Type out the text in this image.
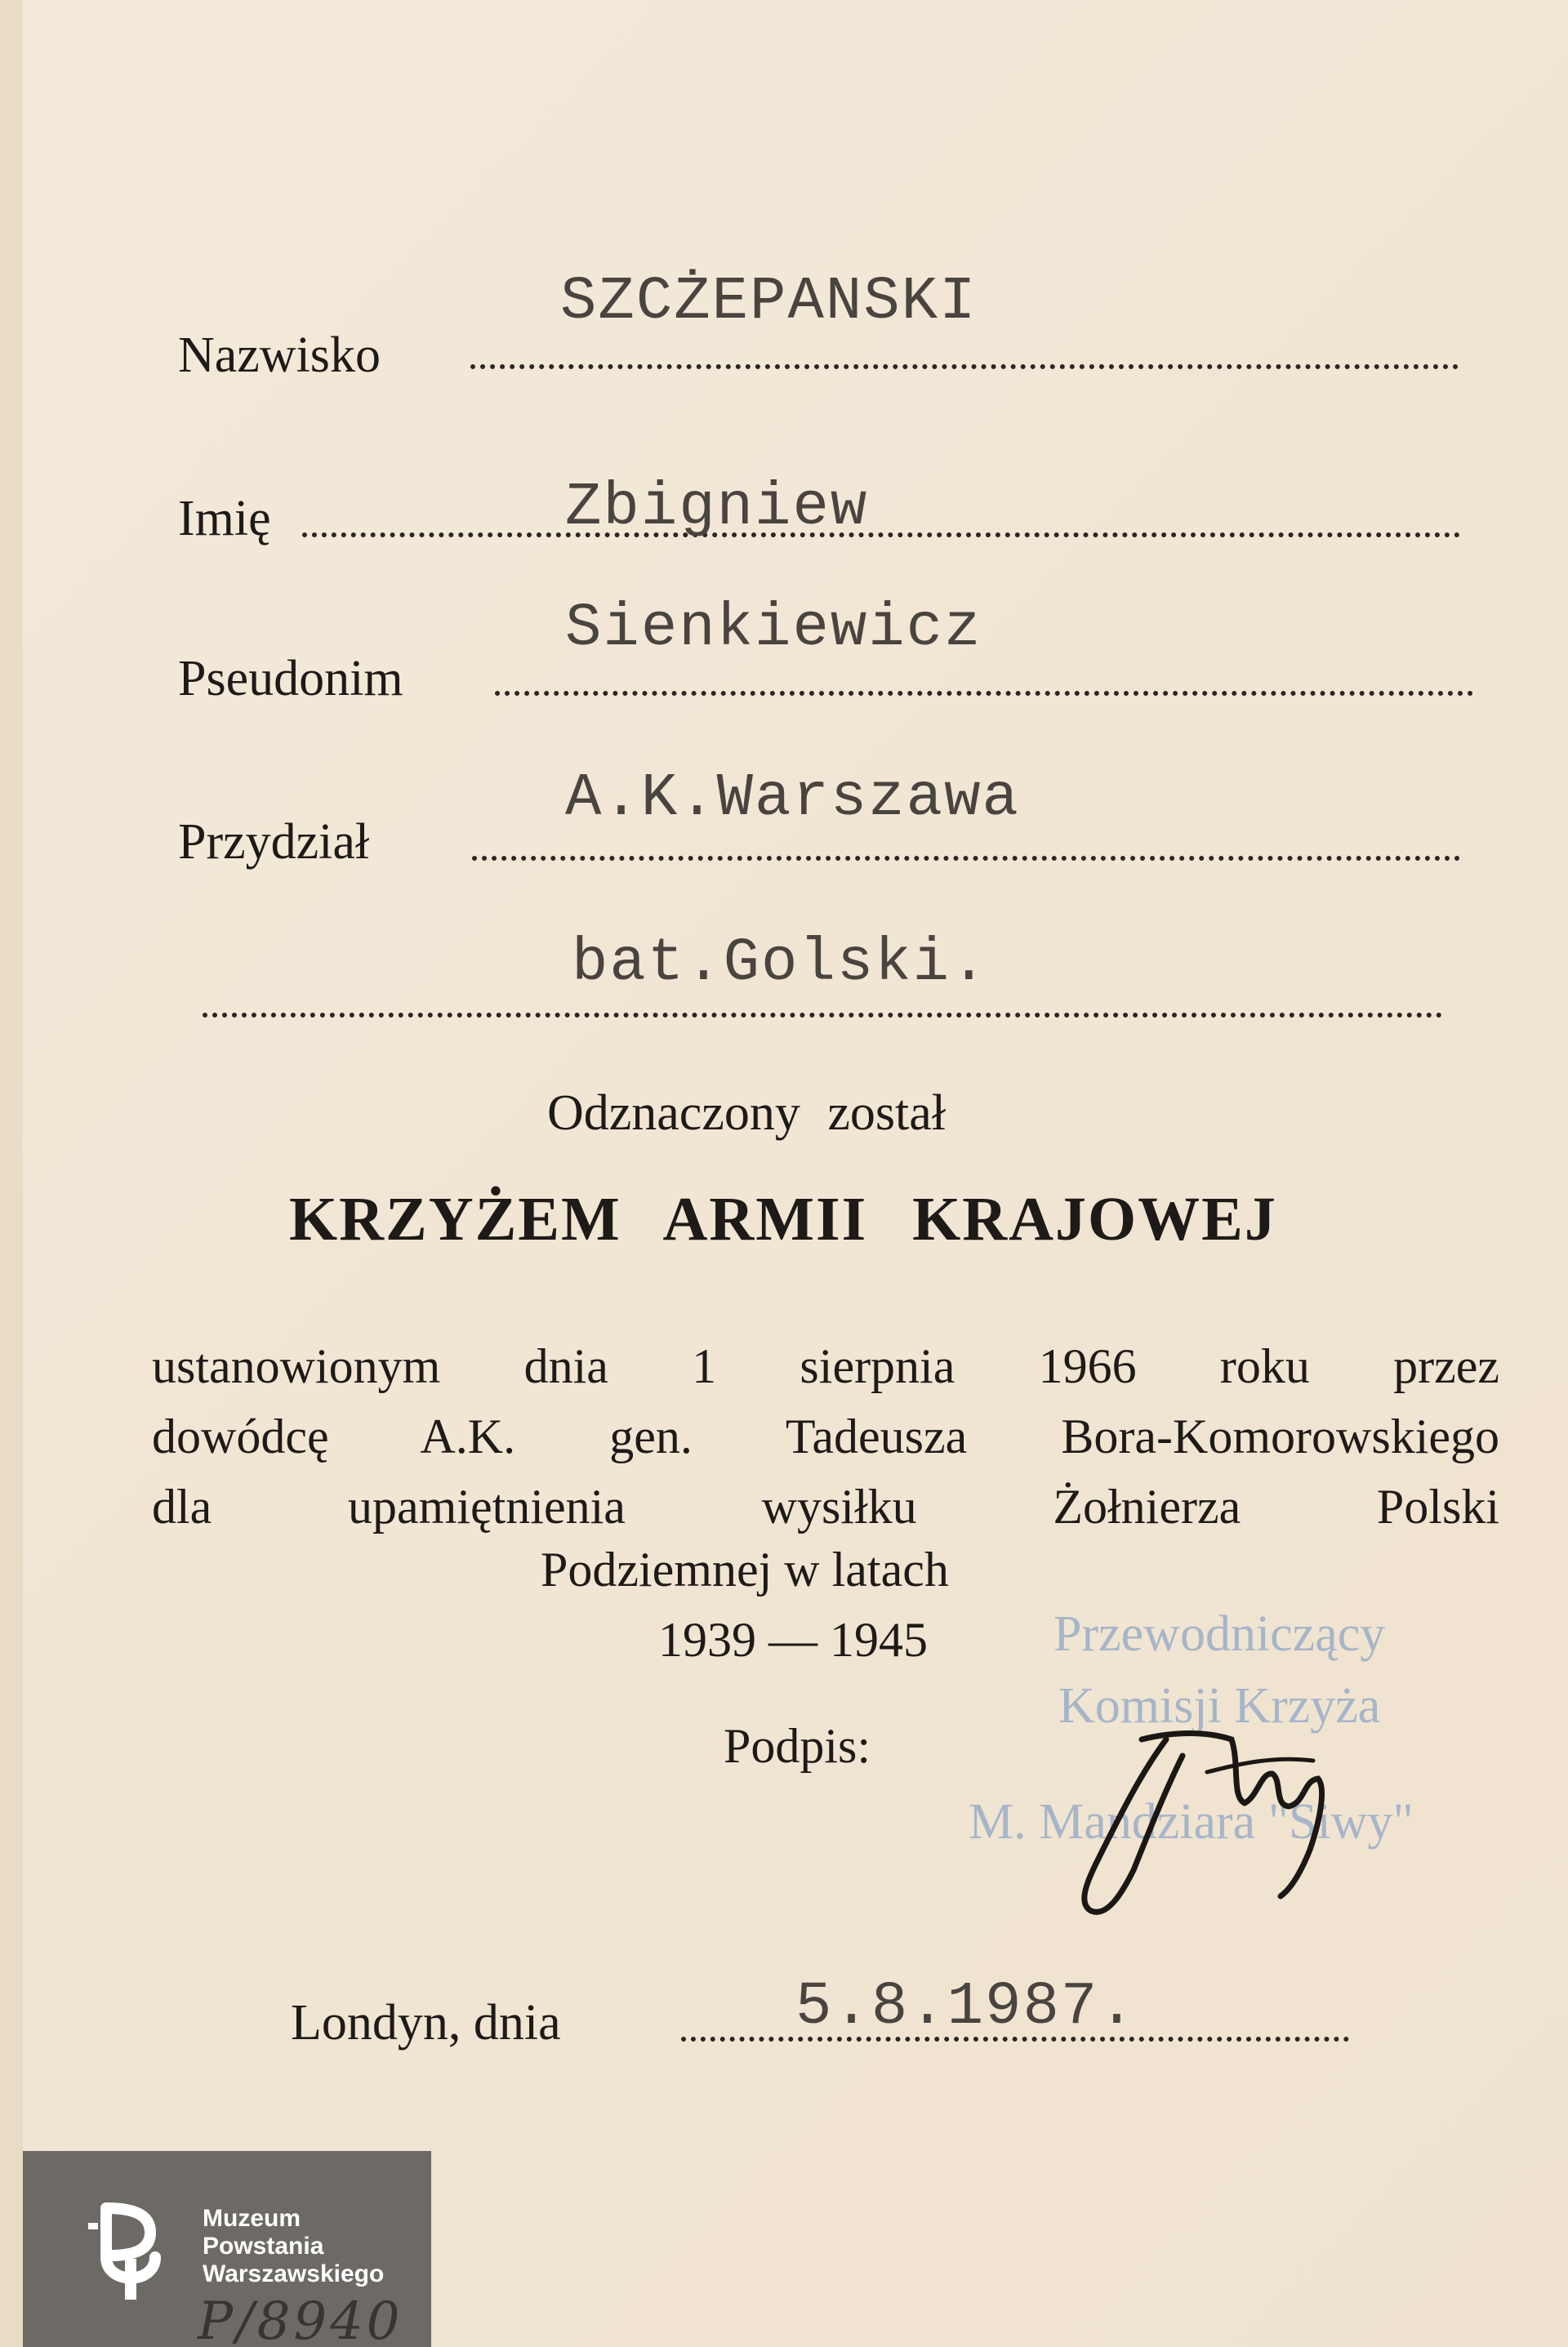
SZCŻEPANSKI
Nazwisko
Imię	Zbigniew
Sienkiewicz
Pseudonim
A.K.Warszawa
Przydział
bat.Golski.
Odznaczony został
KRZYŻEM ARMII KRAJOWEJ
ustanowionym dnia 1 sierpnia 1966 roku przez
dowódcę A.K. gen. Tadeusza Bora-Komorowskiego
dla upamiętnienia wysiłku Żołnierza Polski
Podziemnej w latach
1939 — 1945 Przewodniczący
Komisji Krzyża
M. Mandziara "Siwy"
Podpis:
Londyn, dnia	5.8.1987.
Muzeum
Powstania
Warszawskiego
P/8940
